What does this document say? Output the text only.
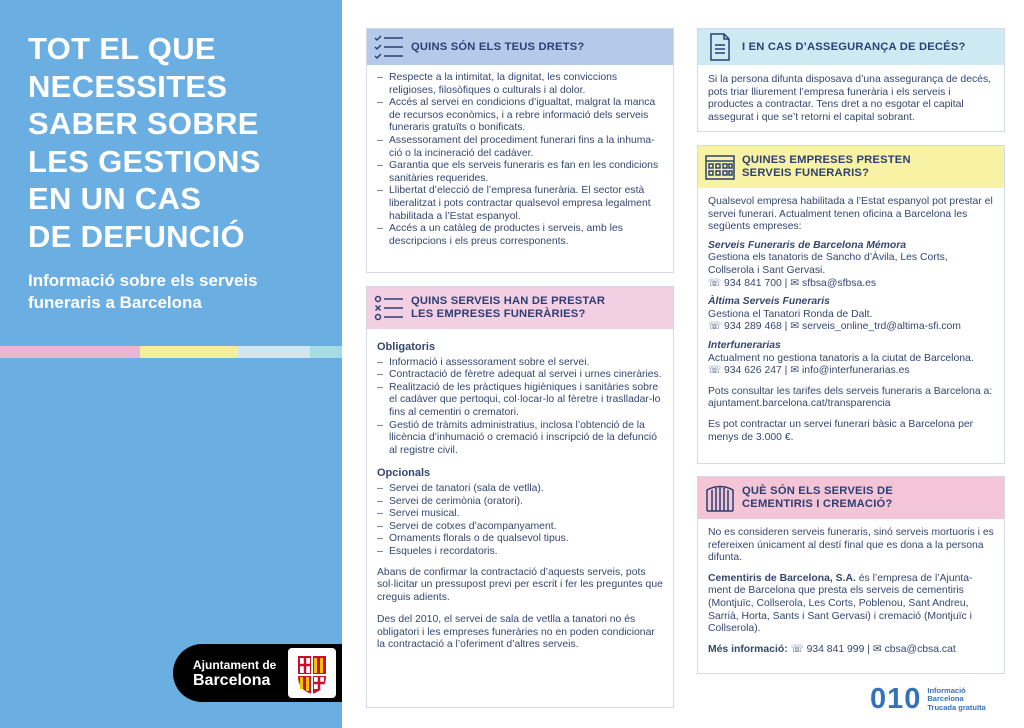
TOT EL QUE
NECESSITES
SABER SOBRE
LES GESTIONS
EN UN CAS
DE DEFUNCIÓ
Informació sobre els serveis funeraris a Barcelona
Ajuntament de
Barcelona
QUINS SÓN ELS TEUS DRETS?
– Respecte a la intimitat, la dignitat, les conviccions religioses, filosòfiques o culturals i al dolor.
– Accés al servei en condicions d’igualtat, malgrat la manca de recursos econòmics, i a rebre informació dels serveis funeraris gratuïts o bonificats.
– Assessorament del procediment funerari fins a la inhuma-ció o la incineració del cadàver.
– Garantia que els serveis funeraris es fan en les condicions sanitàries requerides.
– Llibertat d’elecció de l’empresa funerària. El sector està liberalitzat i pots contractar qualsevol empresa legalment habilitada a l’Estat espanyol.
– Accés a un catàleg de productes i serveis, amb les descripcions i els preus corresponents.
QUINS SERVEIS HAN DE PRESTAR
LES EMPRESES FUNERÀRIES?
Obligatoris
– Informació i assessorament sobre el servei.
– Contractació de fèretre adequat al servei i urnes cineràries.
– Realització de les pràctiques higièniques i sanitàries sobre el cadàver que pertoqui, col·locar-lo al fèretre i traslladar-lo fins al cementiri o crematori.
– Gestió de tràmits administratius, inclosa l’obtenció de la llicència d’inhumació o cremació i inscripció de la defunció al registre civil.
Opcionals
– Servei de tanatori (sala de vetlla).
– Servei de cerimònia (oratori).
– Servei musical.
– Servei de cotxes d’acompanyament.
– Ornaments florals o de qualsevol tipus.
– Esqueles i recordatoris.

Abans de confirmar la contractació d’aquests serveis, pots sol·licitar un pressupost previ per escrit i fer les preguntes que creguis adients.

Des del 2010, el servei de sala de vetlla a tanatori no és obligatori i les empreses funeràries no en poden condicionar la contractació a l’oferiment d’altres serveis.

I EN CAS D’ASSEGURANÇA DE DECÉS?

Si la persona difunta disposava d’una assegurança de decés, pots triar lliurement l’empresa funerària i els serveis i productes a contractar. Tens dret a no esgotar el capital assegurat i que se’t retorni el capital sobrant.

QUINES EMPRESES PRESTEN
SERVEIS FUNERARIS?

Qualsevol empresa habilitada a l’Estat espanyol pot prestar el servei funerari. Actualment tenen oficina a Barcelona les següents empreses:

Serveis Funeraris de Barcelona Mémora
Gestiona els tanatoris de Sancho d’Àvila, Les Corts, Collserola i Sant Gervasi.
☏ 934 841 700 | ✉ sfbsa@sfbsa.es
Àltima Serveis Funeraris
Gestiona el Tanatori Ronda de Dalt.
☏ 934 289 468 | ✉ serveis_online_trd@altima-sfi.com
Interfunerarias
Actualment no gestiona tanatoris a la ciutat de Barcelona.
☏ 934 626 247 | ✉ info@interfunerarias.es

Pots consultar les tarifes dels serveis funeraris a Barcelona a: ajuntament.barcelona.cat/transparencia

Es pot contractar un servei funerari bàsic a Barcelona per menys de 3.000 €.

QUÈ SÓN ELS SERVEIS DE
CEMENTIRIS I CREMACIÓ?

No es consideren serveis funeraris, sinó serveis mortuoris i es refereixen únicament al destí final que es dona a la persona difunta.

Cementiris de Barcelona, S.A. és l’empresa de l’Ajunta-ment de Barcelona que presta els serveis de cementiris (Montjuïc, Collserola, Les Corts, Poblenou, Sant Andreu, Sarrià, Horta, Sants i Sant Gervasi) i cremació (Montjuïc i Collserola).

Més informació: ☏ 934 841 999 | ✉ cbsa@cbsa.cat
010 Informació
Barcelona
Trucada gratuïta
